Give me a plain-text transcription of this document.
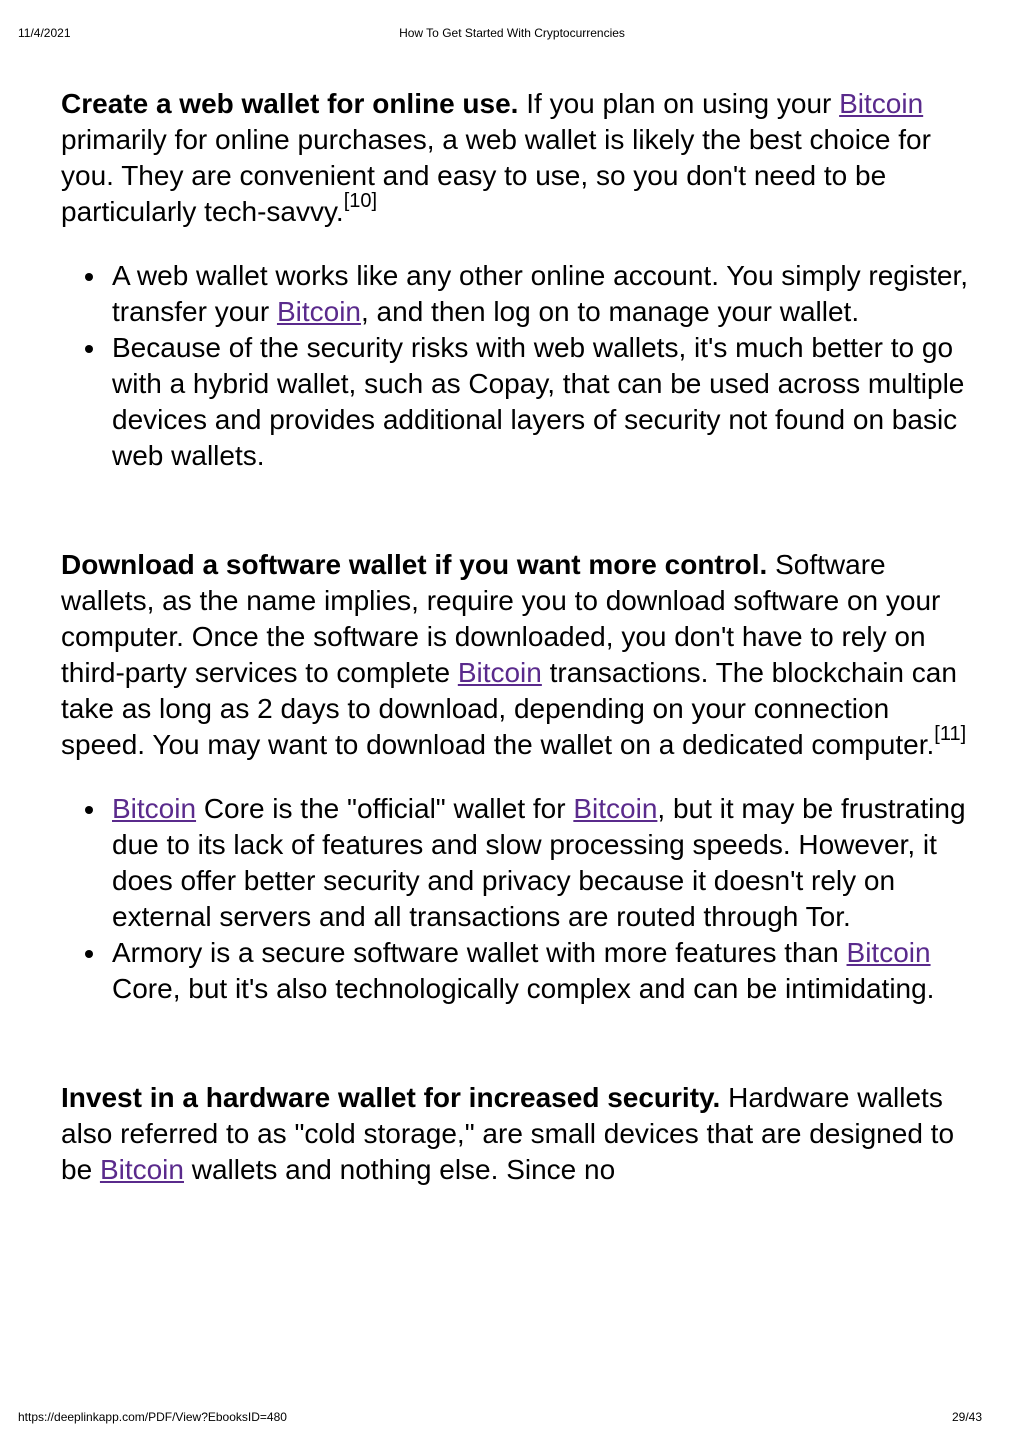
11/4/2021	How To Get Started With Cryptocurrencies

Create a web wallet for online use. If you plan on using your Bitcoin primarily for online purchases, a web wallet is likely the best choice for you. They are convenient and easy to use, so you don't need to be particularly tech-savvy.[10]

A web wallet works like any other online account. You simply register, transfer your Bitcoin, and then log on to manage your wallet.
Because of the security risks with web wallets, it's much better to go with a hybrid wallet, such as Copay, that can be used across multiple devices and provides additional layers of security not found on basic web wallets.

Download a software wallet if you want more control. Software wallets, as the name implies, require you to download software on your computer. Once the software is downloaded, you don't have to rely on third-party services to complete Bitcoin transactions. The blockchain can take as long as 2 days to download, depending on your connection speed. You may want to download the wallet on a dedicated computer.[11]

Bitcoin Core is the "official" wallet for Bitcoin, but it may be frustrating due to its lack of features and slow processing speeds. However, it does offer better security and privacy because it doesn't rely on external servers and all transactions are routed through Tor.
Armory is a secure software wallet with more features than Bitcoin Core, but it's also technologically complex and can be intimidating.

Invest in a hardware wallet for increased security. Hardware wallets also referred to as "cold storage," are small devices that are designed to be Bitcoin wallets and nothing else. Since no

https://deeplinkapp.com/PDF/View?EbooksID=480	29/43
